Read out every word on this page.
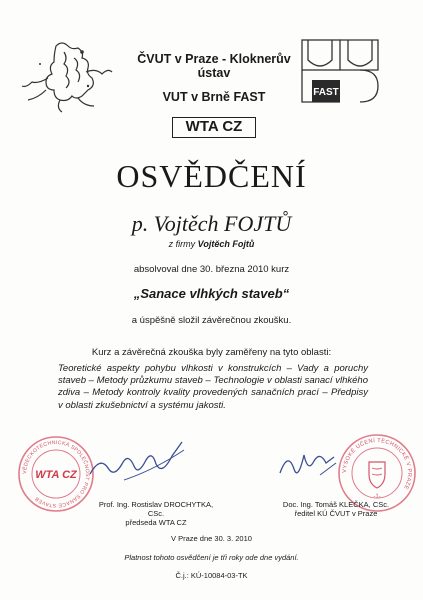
ČVUT v Praze - Kloknerův ústav
VUT v Brně FAST	FAST
WTA CZ
OSVĚDČENÍ
p. Vojtěch FOJTŮ
z firmy Vojtěch Fojtů
absolvoval dne 30. března 2010 kurz
„Sanace vlhkých staveb“
a úspěšně složil závěrečnou zkoušku.
Kurz a závěrečná zkouška byly zaměřeny na tyto oblasti:
Teoretické aspekty pohybu vlhkosti v konstrukcích – Vady a poruchy staveb – Metody průzkumu staveb – Technologie v oblasti sanací vlhkého zdiva – Metody kontroly kvality provedených sanačních prací – Předpisy v oblasti zkušebnictví a systému jakosti.
VĚDECKOTECHNICKÁ SPOLEČNOST PRO SANACE STAVEB
WTA CZ	VYSOKÉ UČENÍ TECHNICKÉ V PRAZE
-1-
Prof. Ing. Rostislav DROCHYTKA, CSc.
předseda WTA CZ
Doc. Ing. Tomáš KLEČKA, CSc.
ředitel KÚ ČVUT v Praze
V Praze dne 30. 3. 2010
Platnost tohoto osvědčení je tři roky ode dne vydání.
Č.j.: KÚ-10084-03-TK
